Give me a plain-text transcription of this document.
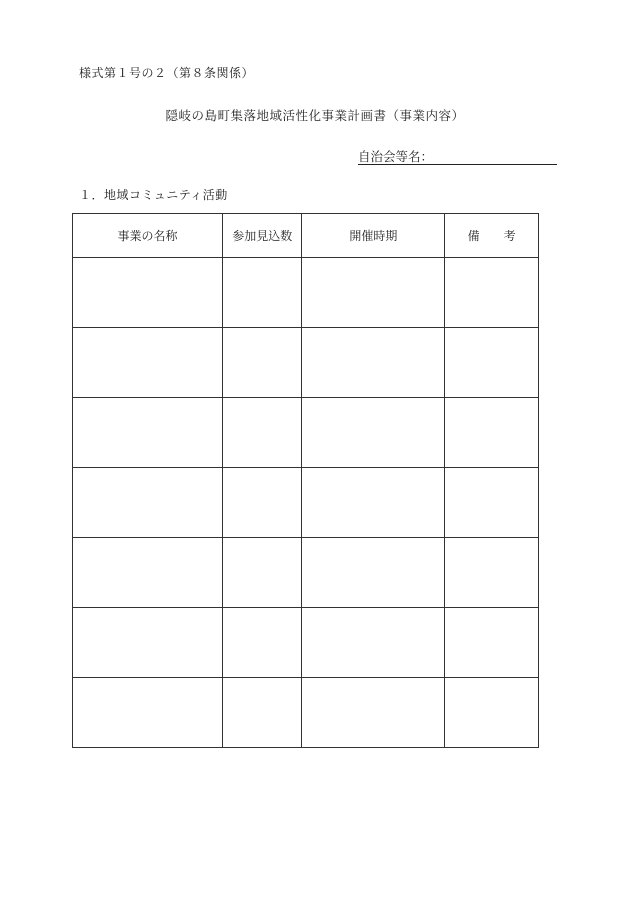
様式第１号の２（第８条関係）
隠岐の島町集落地域活性化事業計画書（事業内容）
自治会等名：
１．地域コミュニティ活動
事業の名称	参加見込数	開催時期	備　　考
